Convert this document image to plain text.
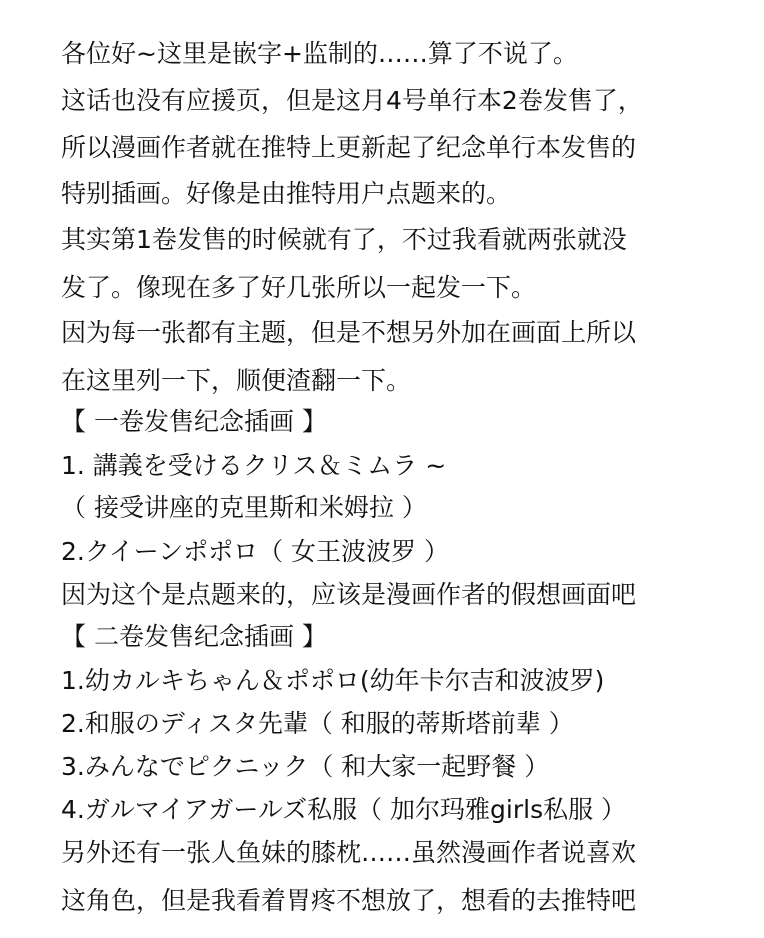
各位好~这里是嵌字+监制的……算了不说了。

这话也没有应援页，但是这月4号单行本2卷发售了，

所以漫画作者就在推特上更新起了纪念单行本发售的

特别插画。好像是由推特用户点题来的。

其实第1卷发售的时候就有了，不过我看就两张就没

发了。像现在多了好几张所以一起发一下。

因为每一张都有主题，但是不想另外加在画面上所以

在这里列一下，顺便渣翻一下。

【 一卷发售纪念插画 】

1. 講義を受けるクリス＆ミムラ ~

（ 接受讲座的克里斯和米姆拉 ）

2.クイーンポポロ（ 女王波波罗 ）

因为这个是点题来的，应该是漫画作者的假想画面吧

【 二卷发售纪念插画 】

1.幼カルキちゃん＆ポポロ(幼年卡尔吉和波波罗)

2.和服のディスタ先輩（ 和服的蒂斯塔前辈 ）

3.みんなでピクニック（ 和大家一起野餐 ）

4.ガルマイアガールズ私服（ 加尔玛雅girls私服 ）

另外还有一张人鱼妹的膝枕……虽然漫画作者说喜欢

这角色，但是我看着胃疼不想放了，想看的去推特吧
